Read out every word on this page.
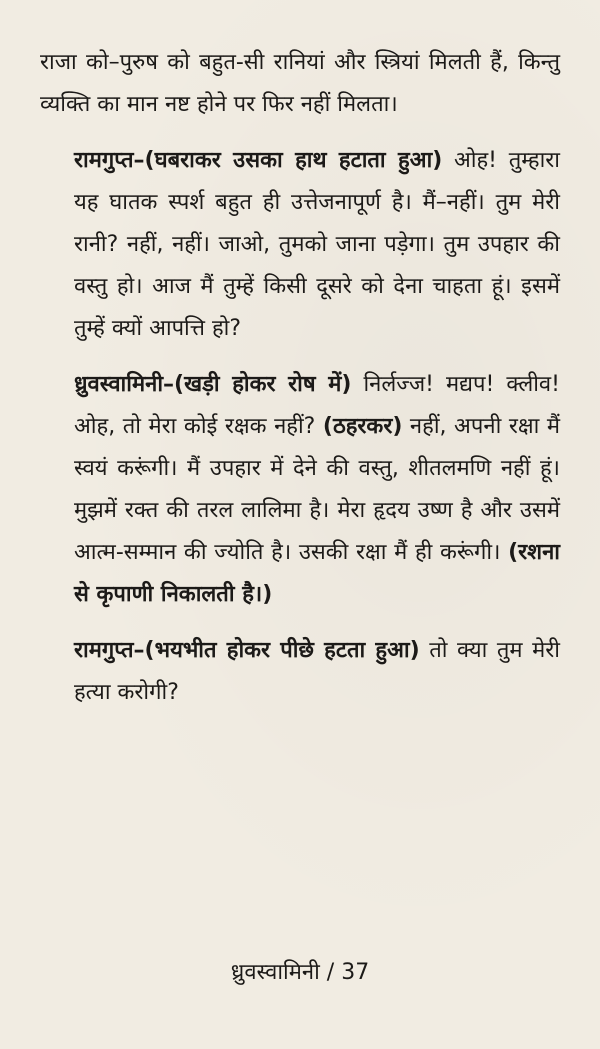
राजा को–पुरुष को बहुत-सी रानियां और स्त्रियां मिलती हैं, किन्तु व्यक्ति का मान नष्ट होने पर फिर नहीं मिलता।

रामगुप्त–(घबराकर उसका हाथ हटाता हुआ) ओह! तुम्हारा यह घातक स्पर्श बहुत ही उत्तेजनापूर्ण है। मैं–नहीं। तुम मेरी रानी? नहीं, नहीं। जाओ, तुमको जाना पड़ेगा। तुम उपहार की वस्तु हो। आज मैं तुम्हें किसी दूसरे को देना चाहता हूं। इसमें तुम्हें क्यों आपत्ति हो?

ध्रुवस्वामिनी–(खड़ी होकर रोष में) निर्लज्ज! मद्यप! क्लीव! ओह, तो मेरा कोई रक्षक नहीं? (ठहरकर) नहीं, अपनी रक्षा मैं स्वयं करूंगी। मैं उपहार में देने की वस्तु, शीतलमणि नहीं हूं। मुझमें रक्त की तरल लालिमा है। मेरा हृदय उष्ण है और उसमें आत्म-सम्मान की ज्योति है। उसकी रक्षा मैं ही करूंगी। (रशना से कृपाणी निकालती है।)

रामगुप्त–(भयभीत होकर पीछे हटता हुआ) तो क्या तुम मेरी हत्या करोगी?

ध्रुवस्वामिनी / 37
